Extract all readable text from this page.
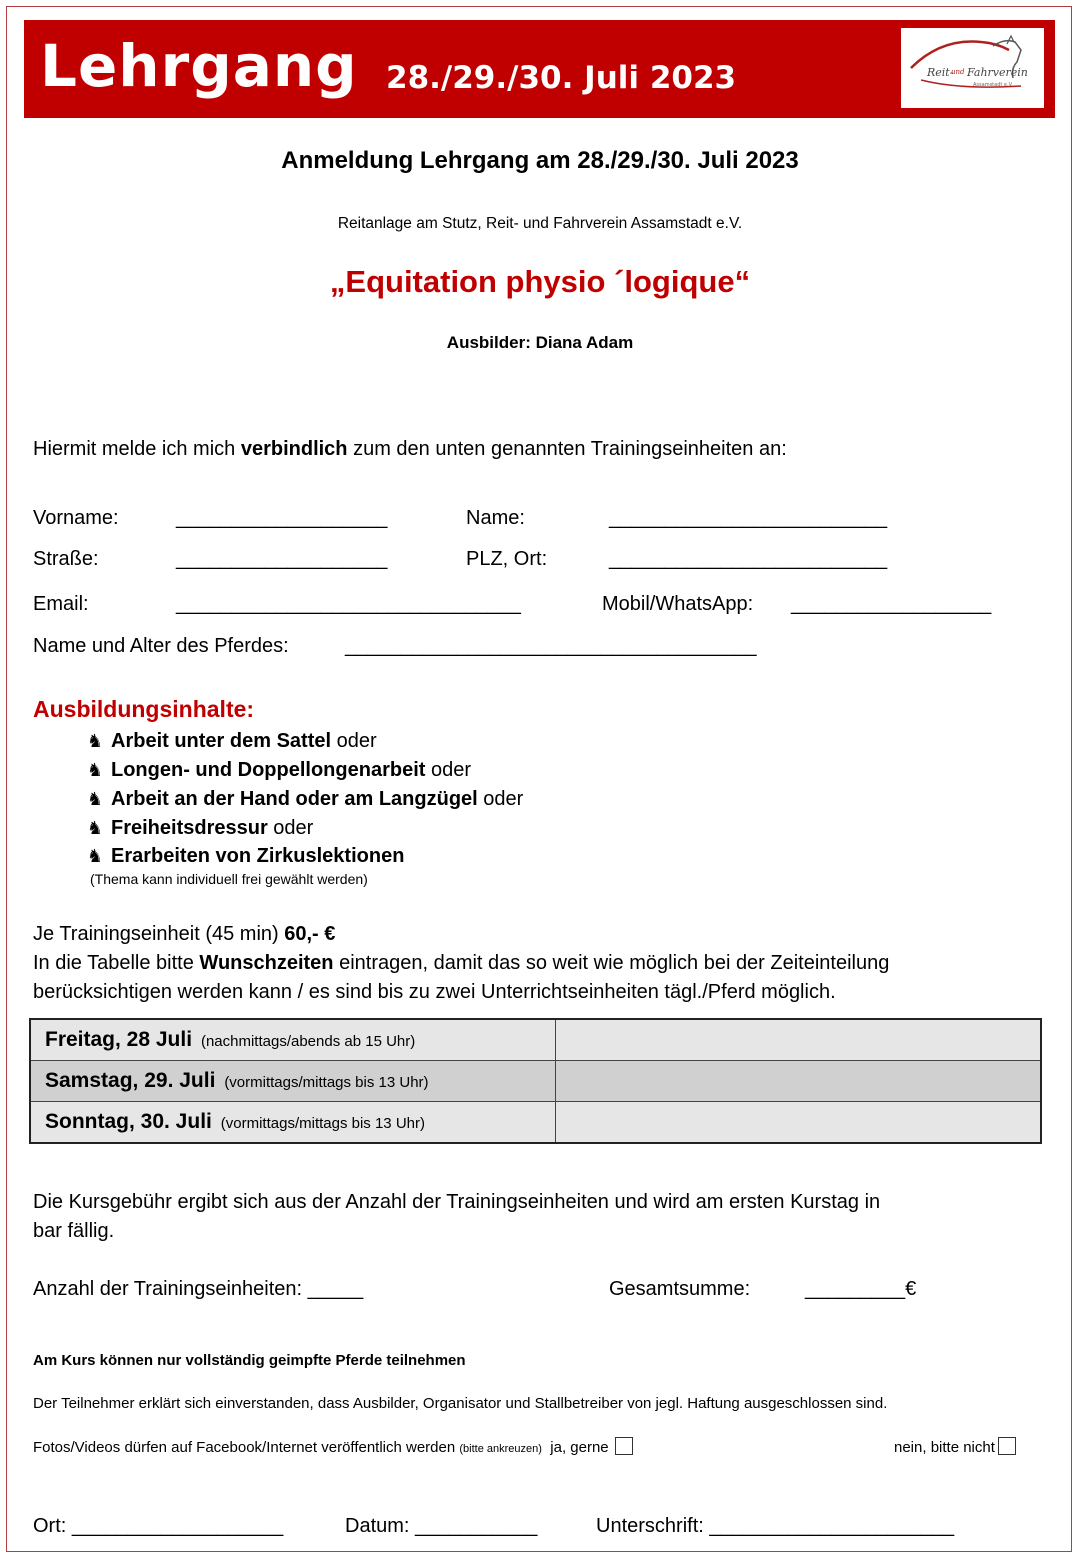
Lehrgang 28./29./30. Juli 2023	Reit-
und Fahrverein
Assamstadt e.V.
Anmeldung Lehrgang am 28./29./30. Juli 2023
Reitanlage am Stutz, Reit- und Fahrverein Assamstadt e.V.
„Equitation physio ´logique“
Ausbilder: Diana Adam
Hiermit melde ich mich verbindlich zum den unten genannten Trainingseinheiten an:
Vorname:	___________________	Name:	_________________________
Straße:	___________________	PLZ, Ort:	_________________________
Email:	_______________________________	Mobil/WhatsApp: __________________
Name und Alter des Pferdes:	_____________________________________
Ausbildungsinhalte:
♞ Arbeit unter dem Sattel oder
♞ Longen- und Doppellongenarbeit oder
♞ Arbeit an der Hand oder am Langzügel oder
♞ Freiheitsdressur oder
♞ Erarbeiten von Zirkuslektionen
(Thema kann individuell frei gewählt werden)
Je Trainingseinheit (45 min) 60,- €
In die Tabelle bitte Wunschzeiten eintragen, damit das so weit wie möglich bei der Zeiteinteilung
berücksichtigen werden kann / es sind bis zu zwei Unterrichtseinheiten tägl./Pferd möglich.
Freitag, 28 Juli (nachmittags/abends ab 15 Uhr)	
Samstag, 29. Juli (vormittags/mittags bis 13 Uhr)	
Sonntag, 30. Juli (vormittags/mittags bis 13 Uhr)	
Die Kursgebühr ergibt sich aus der Anzahl der Trainingseinheiten und wird am ersten Kurstag in
bar fällig.
Anzahl der Trainingseinheiten: _____	Gesamtsumme:	_________€
Am Kurs können nur vollständig geimpfte Pferde teilnehmen
Der Teilnehmer erklärt sich einverstanden, dass Ausbilder, Organisator und Stallbetreiber von jegl. Haftung ausgeschlossen sind.
Fotos/Videos dürfen auf Facebook/Internet veröffentlich werden (bitte ankreuzen) ja, gerne	nein, bitte nicht
Ort: ___________________	Datum: ___________	Unterschrift: ______________________
